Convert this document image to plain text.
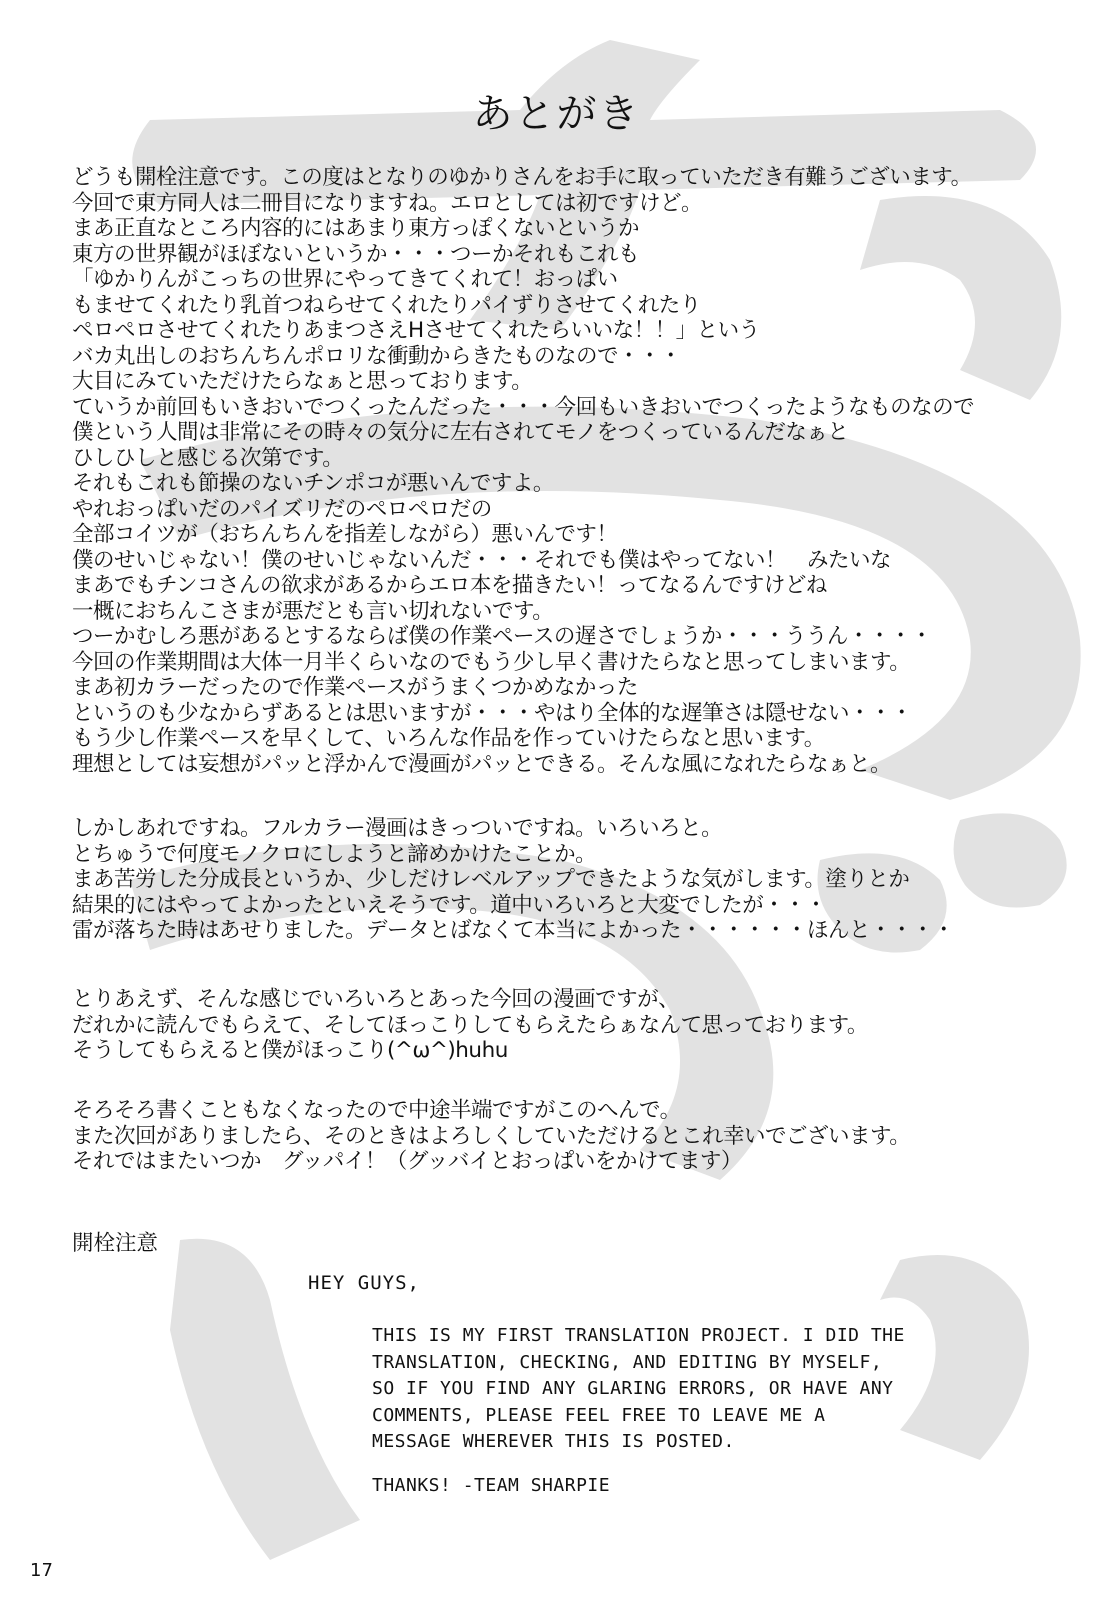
あとがき
どうも開栓注意です。この度はとなりのゆかりさんをお手に取っていただき有難うございます。
今回で東方同人は二冊目になりますね。エロとしては初ですけど。
まあ正直なところ内容的にはあまり東方っぽくないというか
東方の世界観がほぼないというか・・・つーかそれもこれも
「ゆかりんがこっちの世界にやってきてくれて！おっぱい
もませてくれたり乳首つねらせてくれたりパイずりさせてくれたり
ペロペロさせてくれたりあまつさえHさせてくれたらいいな！！」という
バカ丸出しのおちんちんポロリな衝動からきたものなので・・・
大目にみていただけたらなぁと思っております。
ていうか前回もいきおいでつくったんだった・・・今回もいきおいでつくったようなものなので
僕という人間は非常にその時々の気分に左右されてモノをつくっているんだなぁと
ひしひしと感じる次第です。
それもこれも節操のないチンポコが悪いんですよ。
やれおっぱいだのパイズリだのペロペロだの
全部コイツが（おちんちんを指差しながら）悪いんです！
僕のせいじゃない！僕のせいじゃないんだ・・・それでも僕はやってない！　みたいな
まあでもチンコさんの欲求があるからエロ本を描きたい！ってなるんですけどね
一概におちんこさまが悪だとも言い切れないです。
つーかむしろ悪があるとするならば僕の作業ペースの遅さでしょうか・・・ううん・・・・
今回の作業期間は大体一月半くらいなのでもう少し早く書けたらなと思ってしまいます。
まあ初カラーだったので作業ペースがうまくつかめなかった
というのも少なからずあるとは思いますが・・・やはり全体的な遅筆さは隠せない・・・
もう少し作業ペースを早くして、いろんな作品を作っていけたらなと思います。
理想としては妄想がパッと浮かんで漫画がパッとできる。そんな風になれたらなぁと。
しかしあれですね。フルカラー漫画はきっついですね。いろいろと。
とちゅうで何度モノクロにしようと諦めかけたことか。
まあ苦労した分成長というか、少しだけレベルアップできたような気がします。塗りとか
結果的にはやってよかったといえそうです。道中いろいろと大変でしたが・・・
雷が落ちた時はあせりました。データとばなくて本当によかった・・・・・・ほんと・・・・
とりあえず、そんな感じでいろいろとあった今回の漫画ですが、
だれかに読んでもらえて、そしてほっこりしてもらえたらぁなんて思っております。
そうしてもらえると僕がほっこり(^ω^)huhu
そろそろ書くこともなくなったので中途半端ですがこのへんで。
また次回がありましたら、そのときはよろしくしていただけるとこれ幸いでございます。
それではまたいつか　グッパイ！（グッバイとおっぱいをかけてます）
開栓注意
HEY GUYS,
THIS IS MY FIRST TRANSLATION PROJECT. I DID THE
TRANSLATION, CHECKING, AND EDITING BY MYSELF,
SO IF YOU FIND ANY GLARING ERRORS, OR HAVE ANY
COMMENTS, PLEASE FEEL FREE TO LEAVE ME A
MESSAGE WHEREVER THIS IS POSTED.
THANKS! -TEAM SHARPIE
17
